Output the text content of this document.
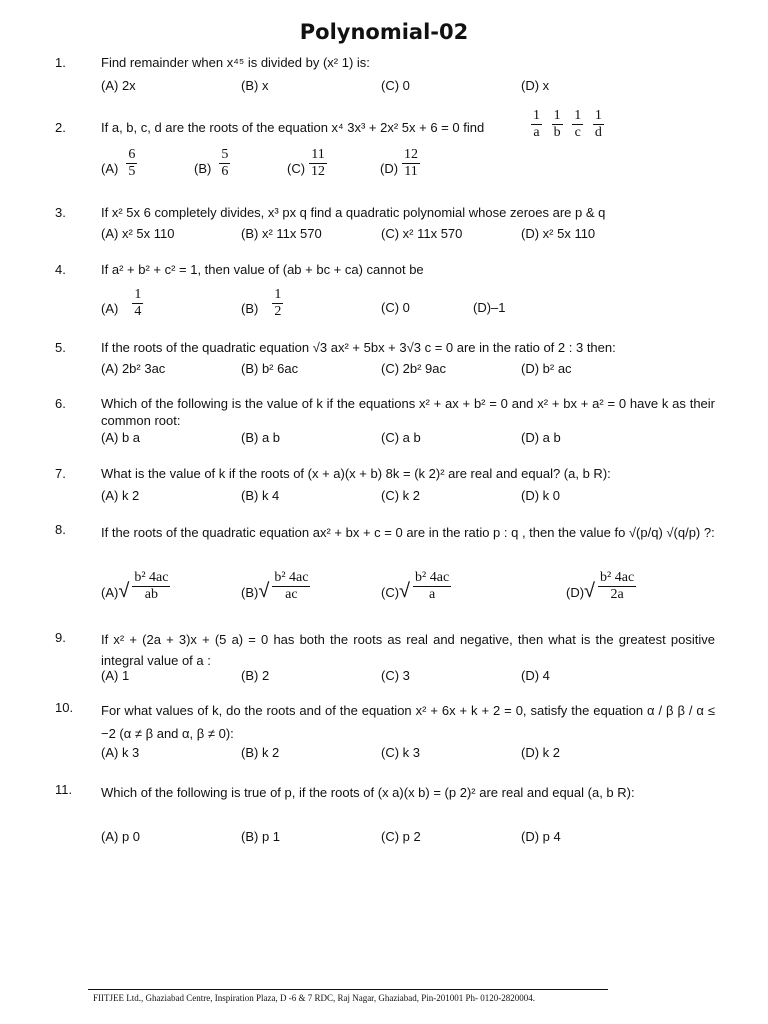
Polynomial-02
1.	Find remainder when x⁴⁵ is divided by (x² 1) is:
(A) 2x	(B) x	(C) 0	(D) x
2.	If a, b, c, d are the roots of the equation x⁴ 3x³ + 2x² 5x + 6 = 0 find	$\frac{1}{a}$
$\frac{1}{b}$
$\frac{1}{c}$
$\frac{1}{d}$
$(A) \frac{6}{5}$	$(B) \frac{5}{6}$	$(C) \frac{11}{12}$	$(D) \frac{12}{11}$
3.	If x² 5x 6 completely divides, x³ px q find a quadratic polynomial whose zeroes are p & q
(A) x² 5x 110	(B) x² 11x 570	(C) x² 11x 570	(D) x² 5x 110
4.	If a² + b² + c² = 1, then value of (ab + bc + ca) cannot be
$(A) \frac{1}{4}$	$(B) \frac{1}{2}$	(C) 0	(D)–1
5.	If the roots of the quadratic equation √3 ax² + 5bx + 3√3 c = 0 are in the ratio of 2 : 3 then:
(A) 2b² 3ac	(B) b² 6ac	(C) 2b² 9ac	(D) b² ac
6.	Which of the following is the value of k if the equations x² + ax + b² = 0 and x² + bx + a² = 0 have k as their common root:
(A) b a	(B) a b	(C) a b	(D) a b
7.	What is the value of k if the roots of (x + a)(x + b) 8k = (k 2)² are real and equal? (a, b R):
(A) k 2	(B) k 4	(C) k 2	(D) k 0
8.	If the roots of the quadratic equation ax² + bx + c = 0 are in the ratio p : q , then the value fo √(p/q) √(q/p) ?:
$(A)√ \frac{\text{b² 4ac}}{ab}$	$(B)√ \frac{\text{b² 4ac}}{ac}$	$(C)√ \frac{\text{b² 4ac}}{a}$	$(D)√ \frac{\text{b² 4ac}}{2a}$
9.	If x² + (2a + 3)x + (5 a) = 0 has both the roots as real and negative, then what is the greatest positive integral value of a :
(A) 1	(B) 2	(C) 3	(D) 4
10. For what values of k, do the roots and of the equation x² + 6x + k + 2 = 0, satisfy the equation α / β β / α ≤ −2 (α ≠ β and α, β ≠ 0):
(A) k 3	(B) k 2	(C) k 3	(D) k 2
11. Which of the following is true of p, if the roots of (x a)(x b) = (p 2)² are real and equal (a, b R):
(A) p 0	(B) p 1	(C) p 2	(D) p 4
FIITJEE Ltd., Ghaziabad Centre, Inspiration Plaza, D -6 & 7 RDC, Raj Nagar, Ghaziabad, Pin-201001 Ph- 0120-2820004.
